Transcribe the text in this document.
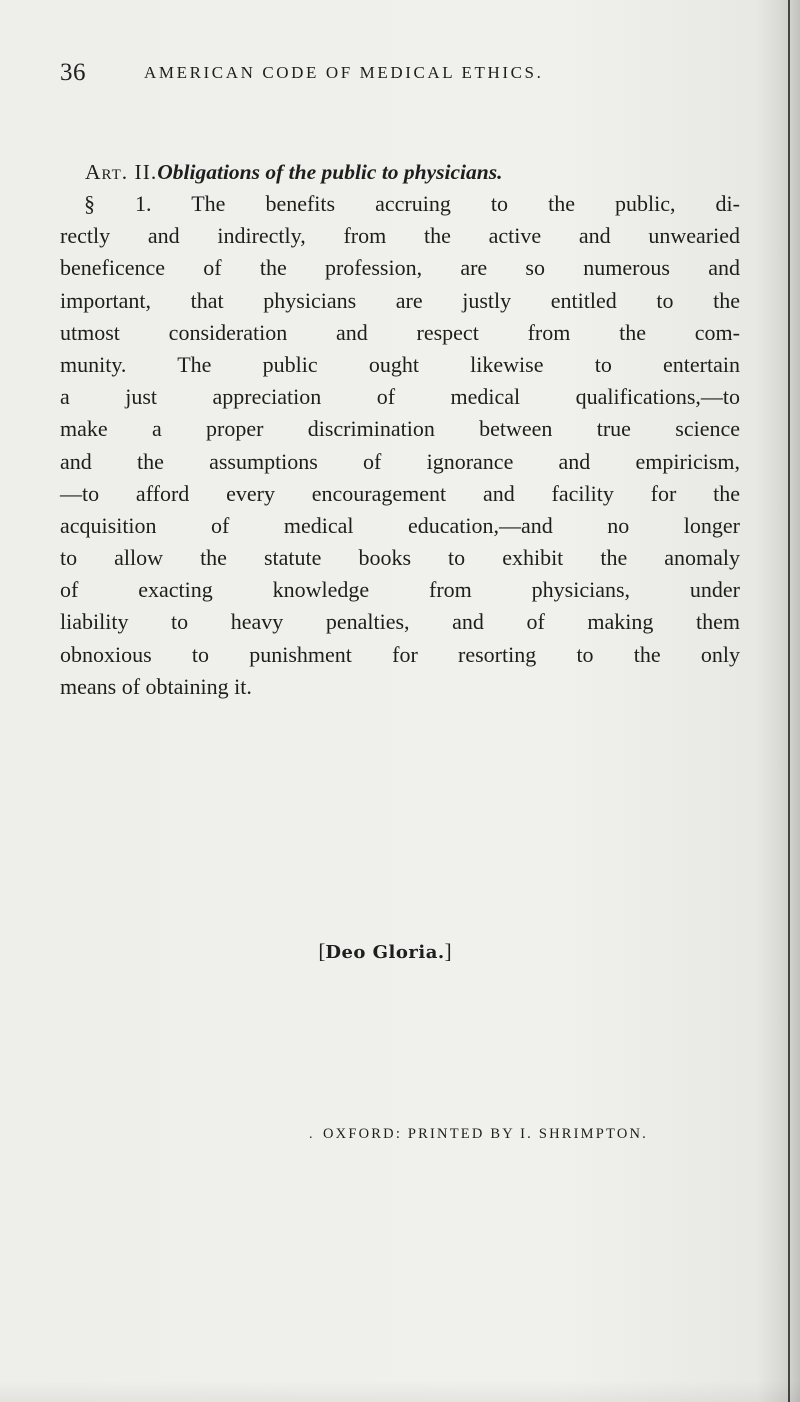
36	AMERICAN CODE OF MEDICAL ETHICS.
Art. II.Obligations of the public to physicians.
§ 1. The benefits accruing to the public, di-
rectly and indirectly, from the active and unwearied
beneficence of the profession, are so numerous and
important, that physicians are justly entitled to the
utmost consideration and respect from the com-
munity. The public ought likewise to entertain
a just appreciation of medical qualifications,—to
make a proper discrimination between true science
and the assumptions of ignorance and empiricism,
—to afford every encouragement and facility for the
acquisition of medical education,—and no longer
to allow the statute books to exhibit the anomaly
of exacting knowledge from physicians, under
liability to heavy penalties, and of making them
obnoxious to punishment for resorting to the only
means of obtaining it.
[Deo Gloria.]
. OXFORD: PRINTED BY I. SHRIMPTON.
